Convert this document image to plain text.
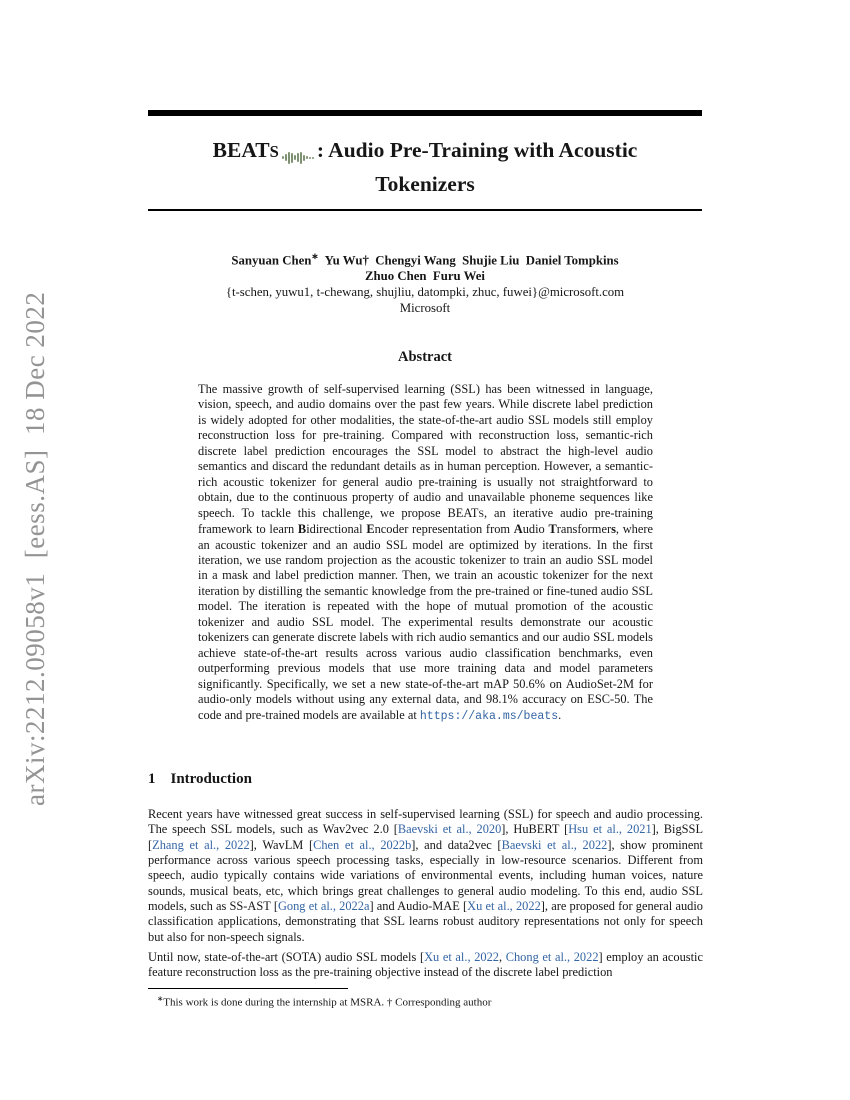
arXiv:2212.09058v1  [eess.AS]  18 Dec 2022
BEATS : Audio Pre-Training with Acoustic
Tokenizers
Sanyuan Chen∗  Yu Wu†  Chengyi Wang  Shujie Liu  Daniel Tompkins
Zhuo Chen  Furu Wei
{t-schen, yuwu1, t-chewang, shujliu, datompki, zhuc, fuwei}@microsoft.com
Microsoft
Abstract

The massive growth of self-supervised learning (SSL) has been witnessed in language, vision, speech, and audio domains over the past few years. While discrete label prediction is widely adopted for other modalities, the state-of-the-art audio SSL models still employ reconstruction loss for pre-training. Compared with reconstruction loss, semantic-rich discrete label prediction encourages the SSL model to abstract the high-level audio semantics and discard the redundant details as in human perception. However, a semantic-rich acoustic tokenizer for general audio pre-training is usually not straightforward to obtain, due to the continuous property of audio and unavailable phoneme sequences like speech. To tackle this challenge, we propose BEATS, an iterative audio pre-training framework to learn Bidirectional Encoder representation from Audio Transformers, where an acoustic tokenizer and an audio SSL model are optimized by iterations. In the first iteration, we use random projection as the acoustic tokenizer to train an audio SSL model in a mask and label prediction manner. Then, we train an acoustic tokenizer for the next iteration by distilling the semantic knowledge from the pre-trained or fine-tuned audio SSL model. The iteration is repeated with the hope of mutual promotion of the acoustic tokenizer and audio SSL model. The experimental results demonstrate our acoustic tokenizers can generate discrete labels with rich audio semantics and our audio SSL models achieve state-of-the-art results across various audio classification benchmarks, even outperforming previous models that use more training data and model parameters significantly. Specifically, we set a new state-of-the-art mAP 50.6% on AudioSet-2M for audio-only models without using any external data, and 98.1% accuracy on ESC-50. The code and pre-trained models are available at https://aka.ms/beats.

1 Introduction

Recent years have witnessed great success in self-supervised learning (SSL) for speech and audio processing. The speech SSL models, such as Wav2vec 2.0 [Baevski et al., 2020], HuBERT [Hsu et al., 2021], BigSSL [Zhang et al., 2022], WavLM [Chen et al., 2022b], and data2vec [Baevski et al., 2022], show prominent performance across various speech processing tasks, especially in low-resource scenarios. Different from speech, audio typically contains wide variations of environmental events, including human voices, nature sounds, musical beats, etc, which brings great challenges to general audio modeling. To this end, audio SSL models, such as SS-AST [Gong et al., 2022a] and Audio-MAE [Xu et al., 2022], are proposed for general audio classification applications, demonstrating that SSL learns robust auditory representations not only for speech but also for non-speech signals.

Until now, state-of-the-art (SOTA) audio SSL models [Xu et al., 2022, Chong et al., 2022] employ an acoustic feature reconstruction loss as the pre-training objective instead of the discrete label prediction

∗This work is done during the internship at MSRA. † Corresponding author
